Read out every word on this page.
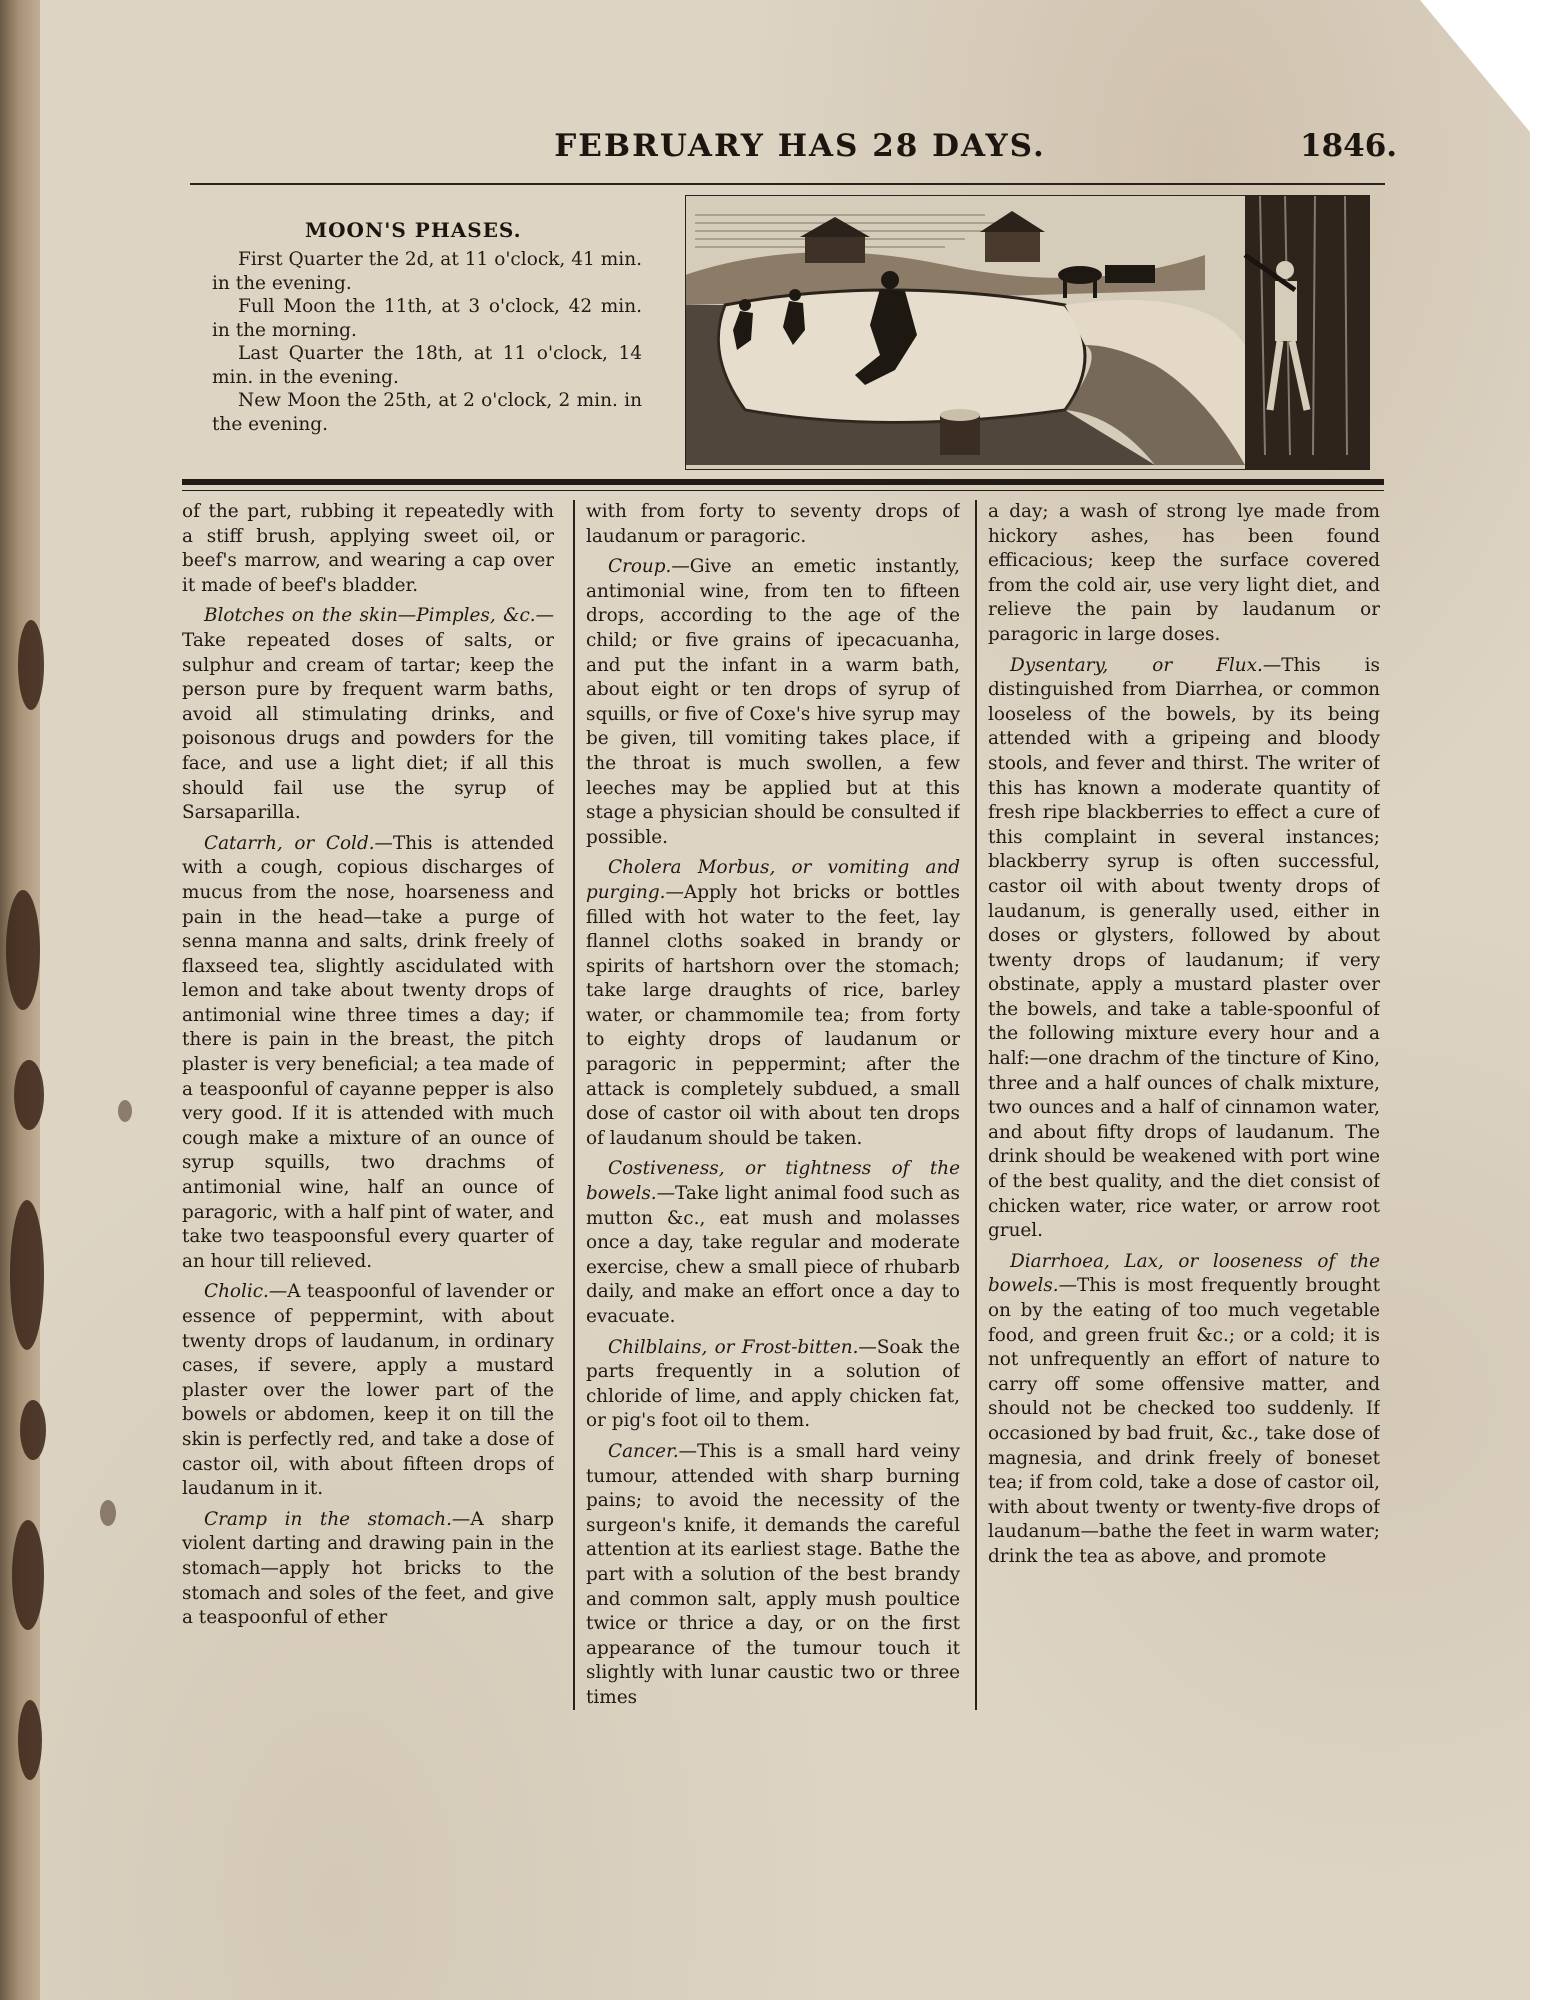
FEBRUARY HAS 28 DAYS.	1846.
MOON'S PHASES.
First Quarter the 2d, at 11 o'clock, 41 min. in the evening.
Full Moon the 11th, at 3 o'clock, 42 min. in the morning.
Last Quarter the 18th, at 11 o'clock, 14 min. in the evening.
New Moon the 25th, at 2 o'clock, 2 min. in the evening.

of the part, rubbing it repeatedly with a stiff brush, applying sweet oil, or beef's marrow, and wearing a cap over it made of beef's bladder.

Blotches on the skin—Pimples, &c.—Take repeated doses of salts, or sulphur and cream of tartar; keep the person pure by frequent warm baths, avoid all stimulating drinks, and poisonous drugs and powders for the face, and use a light diet; if all this should fail use the syrup of Sarsaparilla.

Catarrh, or Cold.—This is attended with a cough, copious discharges of mucus from the nose, hoarseness and pain in the head—take a purge of senna manna and salts, drink freely of flaxseed tea, slightly ascidulated with lemon and take about twenty drops of antimonial wine three times a day; if there is pain in the breast, the pitch plaster is very beneficial; a tea made of a teaspoonful of cayanne pepper is also very good. If it is attended with much cough make a mixture of an ounce of syrup squills, two drachms of antimonial wine, half an ounce of paragoric, with a half pint of water, and take two teaspoonsful every quarter of an hour till relieved.

Cholic.—A teaspoonful of lavender or essence of peppermint, with about twenty drops of laudanum, in ordinary cases, if severe, apply a mustard plaster over the lower part of the bowels or abdomen, keep it on till the skin is perfectly red, and take a dose of castor oil, with about fifteen drops of laudanum in it.

Cramp in the stomach.—A sharp violent darting and drawing pain in the stomach—apply hot bricks to the stomach and soles of the feet, and give a teaspoonful of ether

with from forty to seventy drops of laudanum or paragoric.

Croup.—Give an emetic instantly, antimonial wine, from ten to fifteen drops, according to the age of the child; or five grains of ipecacuanha, and put the infant in a warm bath, about eight or ten drops of syrup of squills, or five of Coxe's hive syrup may be given, till vomiting takes place, if the throat is much swollen, a few leeches may be applied but at this stage a physician should be consulted if possible.

Cholera Morbus, or vomiting and purging.—Apply hot bricks or bottles filled with hot water to the feet, lay flannel cloths soaked in brandy or spirits of hartshorn over the stomach; take large draughts of rice, barley water, or chammomile tea; from forty to eighty drops of laudanum or paragoric in peppermint; after the attack is completely subdued, a small dose of castor oil with about ten drops of laudanum should be taken.

Costiveness, or tightness of the bowels.—Take light animal food such as mutton &c., eat mush and molasses once a day, take regular and moderate exercise, chew a small piece of rhubarb daily, and make an effort once a day to evacuate.

Chilblains, or Frost-bitten.—Soak the parts frequently in a solution of chloride of lime, and apply chicken fat, or pig's foot oil to them.

Cancer.—This is a small hard veiny tumour, attended with sharp burning pains; to avoid the necessity of the surgeon's knife, it demands the careful attention at its earliest stage. Bathe the part with a solution of the best brandy and common salt, apply mush poultice twice or thrice a day, or on the first appearance of the tumour touch it slightly with lunar caustic two or three times

a day; a wash of strong lye made from hickory ashes, has been found efficacious; keep the surface covered from the cold air, use very light diet, and relieve the pain by laudanum or paragoric in large doses.

Dysentary, or Flux.—This is distinguished from Diarrhea, or common looseless of the bowels, by its being attended with a gripeing and bloody stools, and fever and thirst. The writer of this has known a moderate quantity of fresh ripe blackberries to effect a cure of this complaint in several instances; blackberry syrup is often successful, castor oil with about twenty drops of laudanum, is generally used, either in doses or glysters, followed by about twenty drops of laudanum; if very obstinate, apply a mustard plaster over the bowels, and take a table-spoonful of the following mixture every hour and a half:—one drachm of the tincture of Kino, three and a half ounces of chalk mixture, two ounces and a half of cinnamon water, and about fifty drops of laudanum. The drink should be weakened with port wine of the best quality, and the diet consist of chicken water, rice water, or arrow root gruel.

Diarrhoea, Lax, or looseness of the bowels.—This is most frequently brought on by the eating of too much vegetable food, and green fruit &c.; or a cold; it is not unfrequently an effort of nature to carry off some offensive matter, and should not be checked too suddenly. If occasioned by bad fruit, &c., take dose of magnesia, and drink freely of boneset tea; if from cold, take a dose of castor oil, with about twenty or twenty-five drops of laudanum—bathe the feet in warm water; drink the tea as above, and promote
